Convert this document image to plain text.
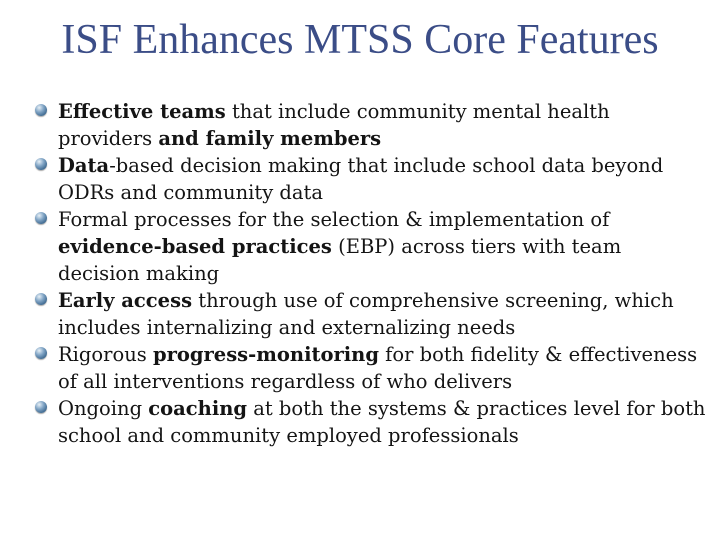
ISF Enhances MTSS Core Features
Effective teams that include community mental health providers and family members
Data-based decision making that include school data beyond ODRs and community data
Formal processes for the selection & implementation of evidence-based practices (EBP) across tiers with team decision making
Early access through use of comprehensive screening, which includes internalizing and externalizing needs
Rigorous progress-monitoring for both fidelity & effectiveness of all interventions regardless of who delivers
Ongoing coaching at both the systems & practices level for both school and community employed professionals
